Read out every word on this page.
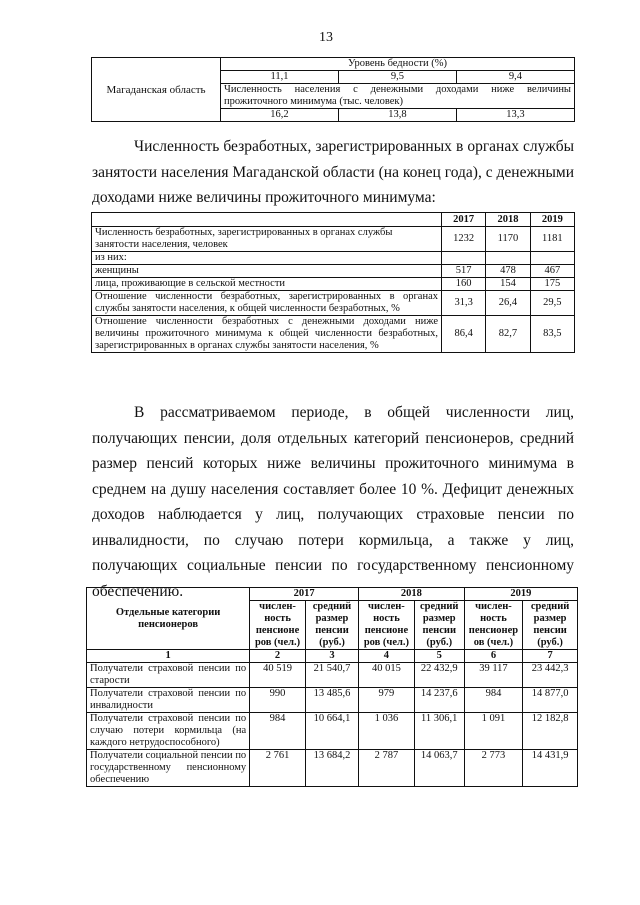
13
Магаданская область	Уровень бедности (%)		
	11,1	9,5	9,4
	Численность населения с денежными доходами ниже величины прожиточного минимума (тыс. человек)		
	16,2	13,8	13,3
Численность безработных, зарегистрированных в органах службы занятости населения Магаданской области (на конец года), с денежными доходами ниже величины прожиточного минимума:
	2017	2018	2019
Численность безработных, зарегистрированных в органах службы занятости населения, человек	1232	1170	1181
из них:			
женщины	517	478	467
лица, проживающие в сельской местности	160	154	175
Отношение численности безработных, зарегистрированных в органах службы занятости населения, к общей численности безработных, %	31,3	26,4	29,5
Отношение численности безработных с денежными доходами ниже величины прожиточного минимума к общей численности безработных, зарегистрированных в органах службы занятости населения, %	86,4	82,7	83,5
В рассматриваемом периоде, в общей численности лиц, получающих пенсии, доля отдельных категорий пенсионеров, средний размер пенсий которых ниже величины прожиточного минимума в среднем на душу населения составляет более 10 %. Дефицит денежных доходов наблюдается у лиц, получающих страховые пенсии по инвалидности, по случаю потери кормильца, а также у лиц, получающих социальные пенсии по государственному пенсионному обеспечению.
Отдельные категории пенсионеров	2017		2018		2019	
	числен-ность пенсионе ров (чел.)	средний размер пенсии (руб.)	числен-ность пенсионе ров (чел.)	средний размер пенсии (руб.)	числен-ность пенсионер ов (чел.)	средний размер пенсии (руб.)
1	2	3	4	5	6	7
Получатели страховой пенсии по старости	40 519	21 540,7	40 015	22 432,9	39 117	23 442,3
Получатели страховой пенсии по инвалидности	990	13 485,6	979	14 237,6	984	14 877,0
Получатели страховой пенсии по случаю потери кормильца (на каждого нетрудоспособного)	984	10 664,1	1 036	11 306,1	1 091	12 182,8
Получатели социальной пенсии по государственному пенсионному обеспечению	2 761	13 684,2	2 787	14 063,7	2 773	14 431,9
